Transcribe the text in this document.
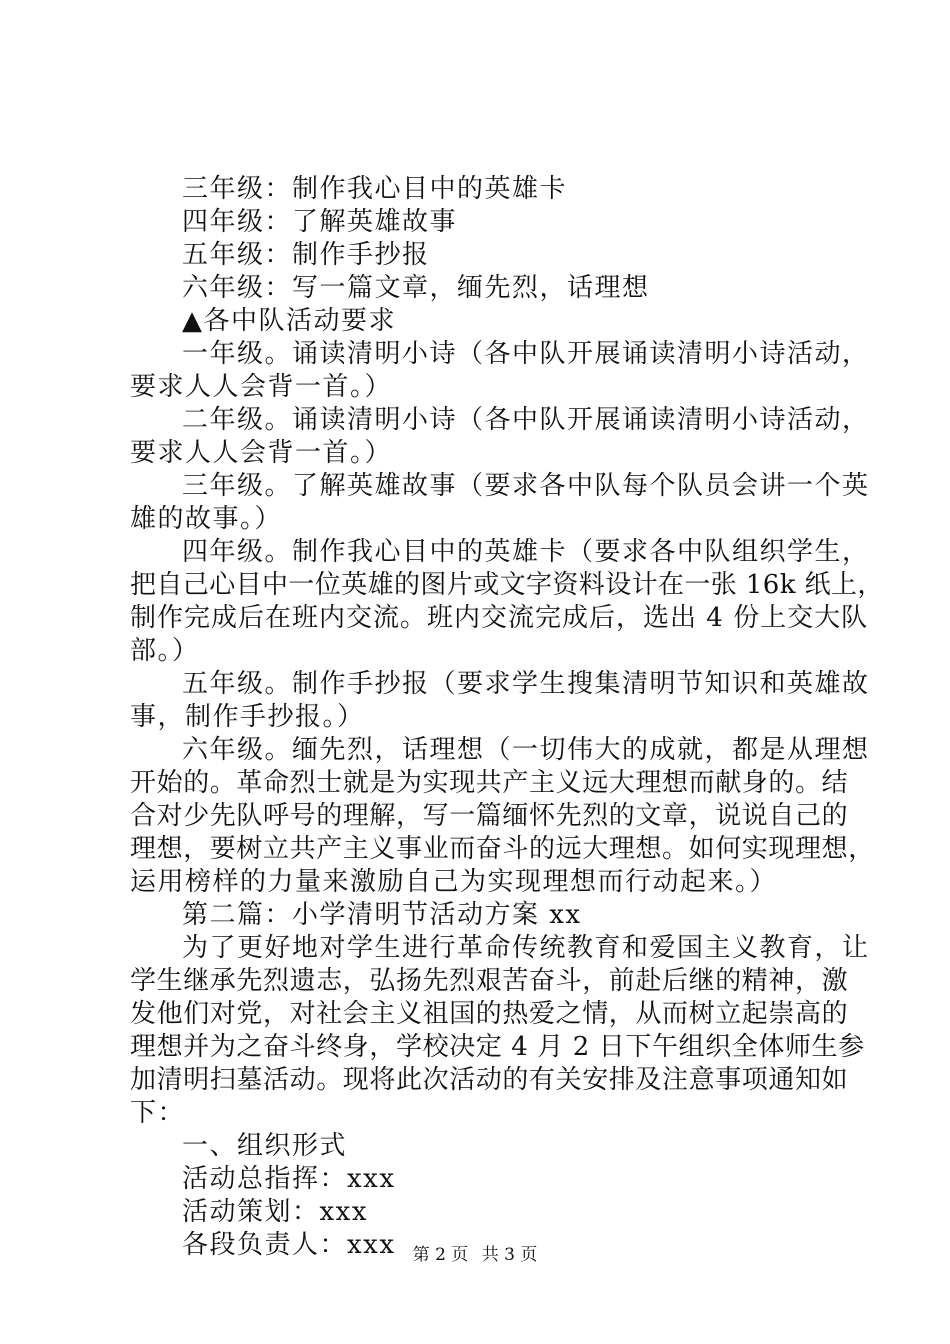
三年级：制作我心目中的英雄卡
四年级：了解英雄故事
五年级：制作手抄报
六年级：写一篇文章，缅先烈，话理想
▲各中队活动要求
一年级。诵读清明小诗（各中队开展诵读清明小诗活动，
要求人人会背一首。）
二年级。诵读清明小诗（各中队开展诵读清明小诗活动，
要求人人会背一首。）
三年级。了解英雄故事（要求各中队每个队员会讲一个英
雄的故事。）
四年级。制作我心目中的英雄卡（要求各中队组织学生，
把自己心目中一位英雄的图片或文字资料设计在一张 16k 纸上，
制作完成后在班内交流。班内交流完成后，选出 4 份上交大队
部。）
五年级。制作手抄报（要求学生搜集清明节知识和英雄故
事，制作手抄报。）
六年级。缅先烈，话理想（一切伟大的成就，都是从理想
开始的。革命烈士就是为实现共产主义远大理想而献身的。结
合对少先队呼号的理解，写一篇缅怀先烈的文章，说说自己的
理想，要树立共产主义事业而奋斗的远大理想。如何实现理想，
运用榜样的力量来激励自己为实现理想而行动起来。）
第二篇：小学清明节活动方案 xx
为了更好地对学生进行革命传统教育和爱国主义教育，让
学生继承先烈遗志，弘扬先烈艰苦奋斗，前赴后继的精神，激
发他们对党，对社会主义祖国的热爱之情，从而树立起崇高的
理想并为之奋斗终身，学校决定 4 月 2 日下午组织全体师生参
加清明扫墓活动。现将此次活动的有关安排及注意事项通知如
下：
一、组织形式
活动总指挥：xxx
活动策划：xxx
各段负责人：xxx	第 2 页 共 3 页
